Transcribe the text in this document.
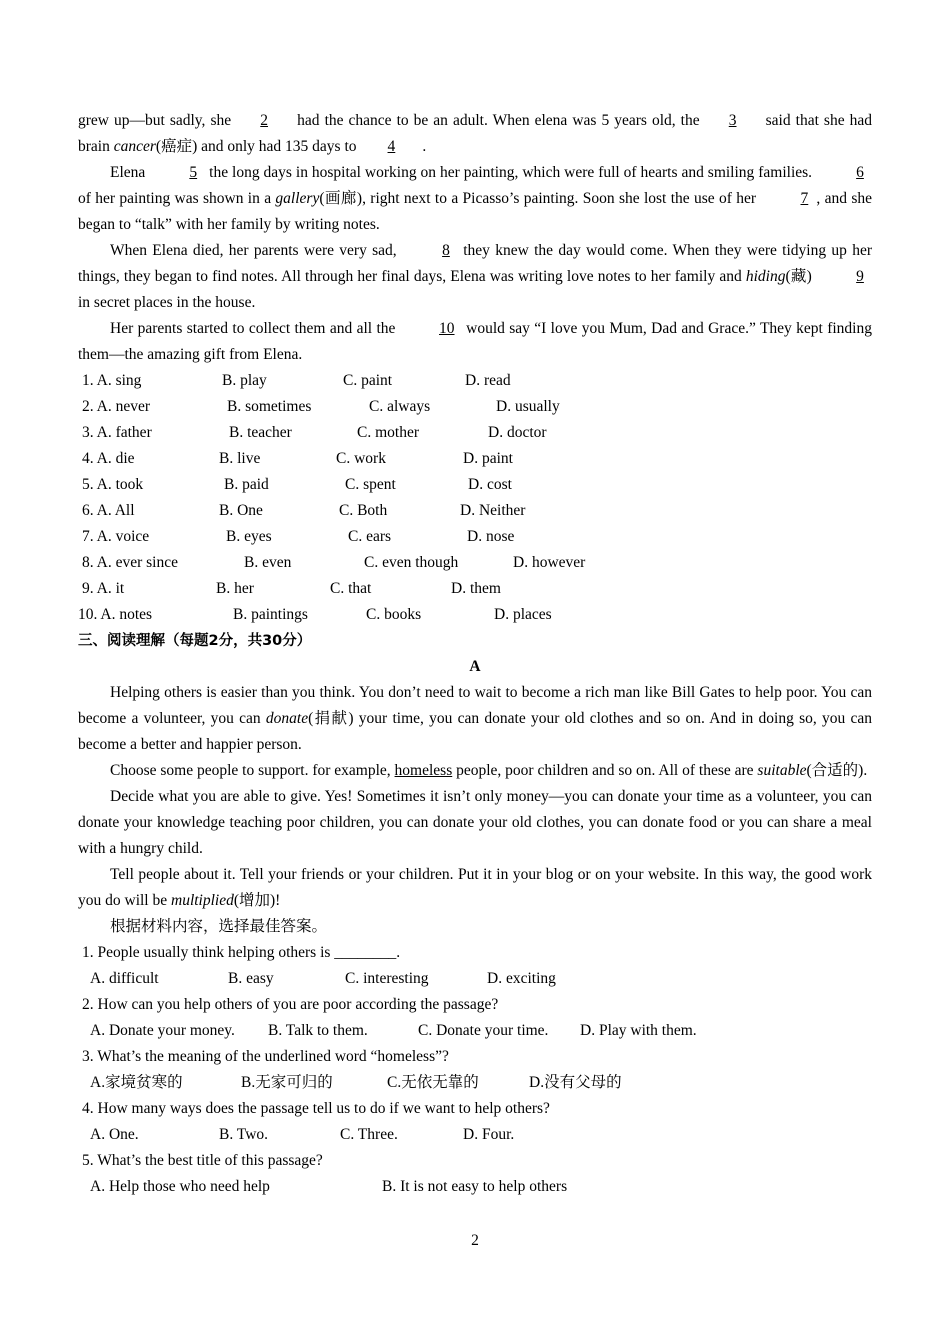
grew up—but sadly, she 2 had the chance to be an adult. When elena was 5 years old, the 3 said that she had brain cancer(癌症) and only had 135 days to 4 .

Elena	5 the long days in hospital working on her painting, which were full of hearts and smiling families.	6 of her painting was shown in a gallery(画廊), right next to a Picasso’s painting. Soon she lost the use of her	7 , and she began to “talk” with her family by writing notes.

When Elena died, her parents were very sad,	8 they knew the day would come. When they were tidying up her things, they began to find notes. All through her final days, Elena was writing love notes to her family and hiding(藏)	9 in secret places in the house.

Her parents started to collect them and all the	10 would say “I love you Mum, Dad and Grace.” They kept finding them—the amazing gift from Elena.

1. A. sing	B. play	C. paint	D. read
2. A. never	B. sometimes	C. always	D. usually
3. A. father	B. teacher	C. mother	D. doctor
4. A. die	B. live	C. work	D. paint
5. A. took	B. paid	C. spent	D. cost
6. A. All	B. One	C. Both	D. Neither
7. A. voice	B. eyes	C. ears	D. nose
8. A. ever since	B. even	C. even though	D. however
9. A. it	B. her	C. that	D. them
10. A. notes	B. paintings	C. books	D. places

三、阅读理解（每题2分，共30分）

A

Helping others is easier than you think. You don’t need to wait to become a rich man like Bill Gates to help poor. You can become a volunteer, you can donate(捐献) your time, you can donate your old clothes and so on. And in doing so, you can become a better and happier person.

Choose some people to support. for example, homeless people, poor children and so on. All of these are suitable(合适的).

Decide what you are able to give. Yes! Sometimes it isn’t only money—you can donate your time as a volunteer, you can donate your knowledge teaching poor children, you can donate your old clothes, you can donate food or you can share a meal with a hungry child.

Tell people about it. Tell your friends or your children. Put it in your blog or on your website. In this way, the good work you do will be multiplied(增加)!

根据材料内容，选择最佳答案。

1. People usually think helping others is ________.

A. difficult	B. easy	C. interesting	D. exciting

2. How can you help others of you are poor according the passage?

A. Donate your money. B. Talk to them.	C. Donate your time. D. Play with them.

3. What’s the meaning of the underlined word “homeless”?

A.家境贫寒的	B.无家可归的	C.无依无靠的	D.没有父母的

4. How many ways does the passage tell us to do if we want to help others?

A. One.	B. Two.	C. Three.	D. Four.

5. What’s the best title of this passage?

A. Help those who need help	B. It is not easy to help others
2
